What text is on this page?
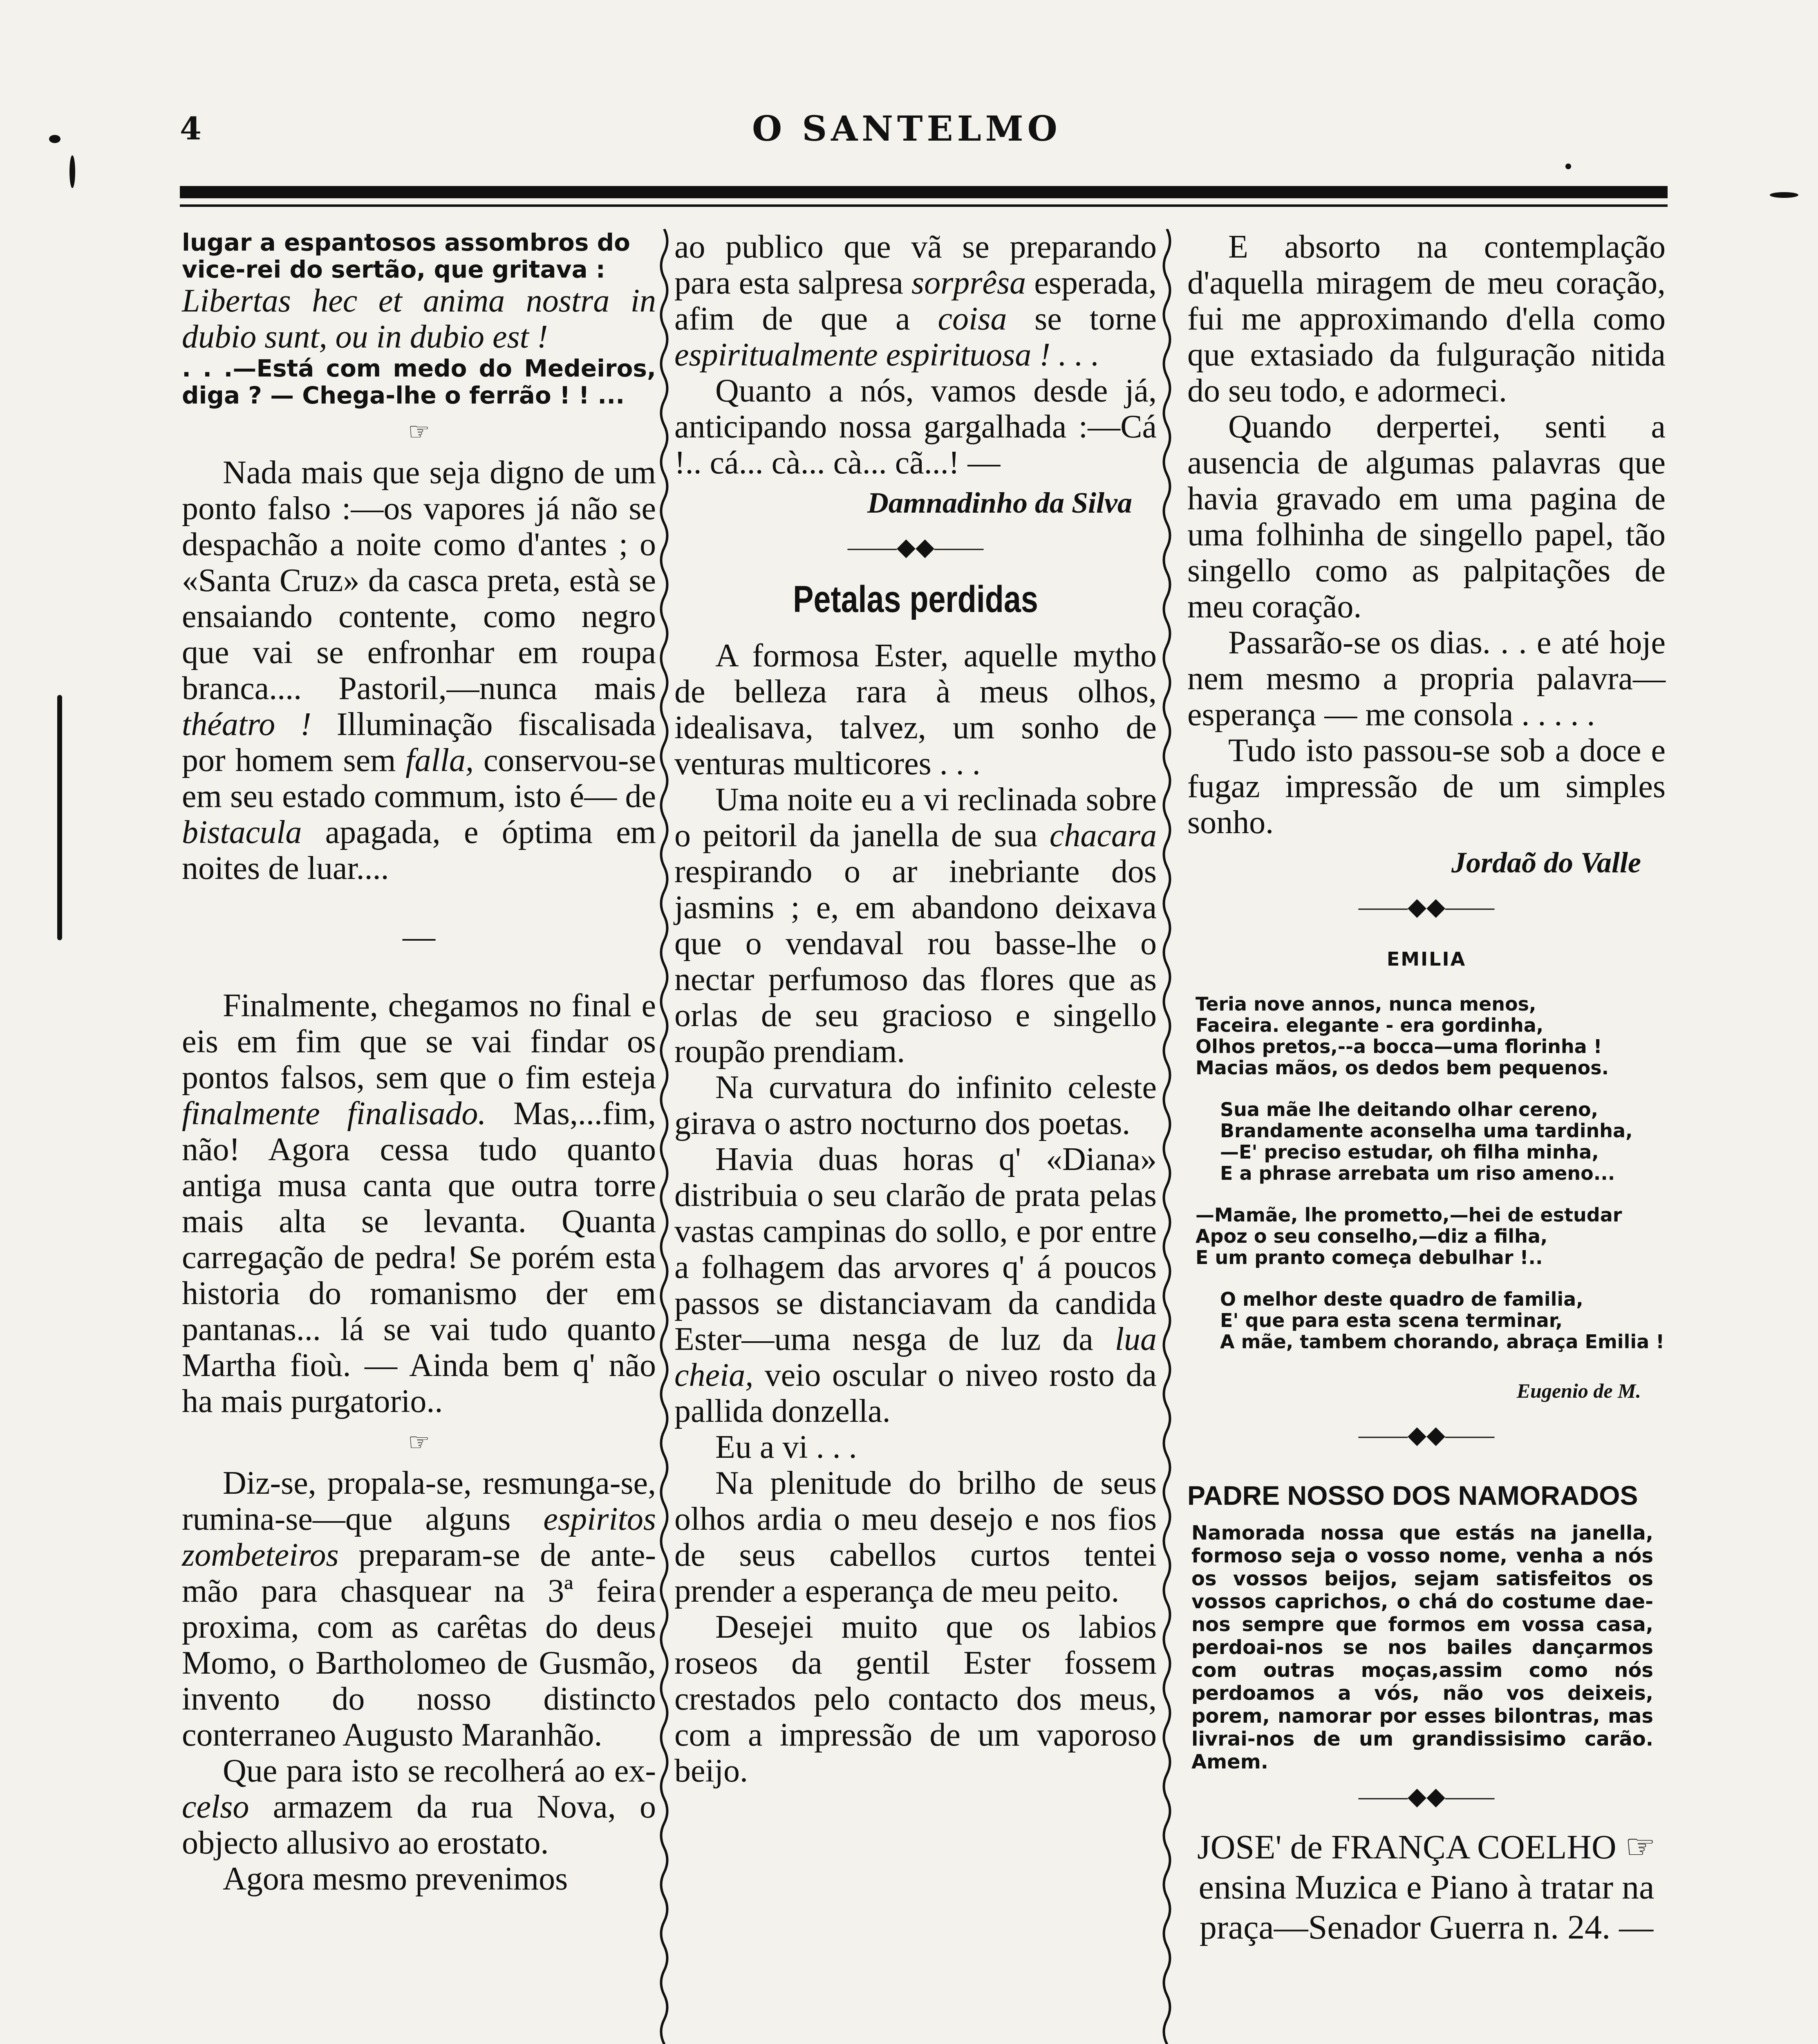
4	O SANTELMO

lugar a espantosos assombros do

vice-rei do sertão, que gritava :

Libertas hec et anima nostra in dubio sunt, ou in dubio est !

. . .—Está com medo do Medeiros, diga ? — Chega-lhe o ferrão ! ! ...

☞

Nada mais que seja digno de um ponto falso :—os vapores já não se despachão a noite como d'antes ; o «Santa Cruz» da casca preta, està se ensaiando contente, como negro que vai se enfronhar em roupa branca.... Pastoril,—nunca mais théatro ! Illuminação fiscalisada por homem sem falla, conservou-se em seu estado commum, isto é— de bistacula apagada, e óptima em noites de luar....

—

Finalmente, chegamos no final e eis em fim que se vai findar os pontos falsos, sem que o fim esteja finalmente finalisado. Mas,...fim, não! Agora cessa tudo quanto antiga musa canta que outra torre mais alta se levanta. Quanta carregação de pedra! Se porém esta historia do romanismo der em pantanas... lá se vai tudo quanto Martha fioù. — Ainda bem q' não ha mais purgatorio..

☞

Diz-se, propala-se, resmunga-se, rumina-se—que alguns espiritos zombeteiros preparam-se de ante-mão para chasquear na 3ª feira proxima, com as carêtas do deus Momo, o Bartholomeo de Gusmão, invento do nosso distincto conterraneo Augusto Maranhão.

Que para isto se recolherá ao ex-celso armazem da rua Nova, o objecto allusivo ao erostato.

Agora mesmo prevenimos

ao publico que vã se preparando para esta salpresa sorprêsa esperada, afim de que a coisa se torne espiritualmente espirituosa ! . . .

Quanto a nós, vamos desde já, anticipando nossa gargalhada :—Cá !.. cá... cà... cà... cã...! —

Damnadinho da Silva

——◆◆——

Petalas perdidas

A formosa Ester, aquelle mytho de belleza rara à meus olhos, idealisava, talvez, um sonho de venturas multicores . . .

Uma noite eu a vi reclinada sobre o peitoril da janella de sua chacara respirando o ar inebriante dos jasmins ; e, em abandono deixava que o vendaval rou basse-lhe o nectar perfumoso das flores que as orlas de seu gracioso e singello roupão prendiam.

Na curvatura do infinito celeste girava o astro nocturno dos poetas.

Havia duas horas q' «Diana» distribuia o seu clarão de prata pelas vastas campinas do sollo, e por entre a folhagem das arvores q' á poucos passos se distanciavam da candida Ester—uma nesga de luz da lua cheia, veio oscular o niveo rosto da pallida donzella.

Eu a vi . . .

Na plenitude do brilho de seus olhos ardia o meu desejo e nos fios de seus cabellos curtos tentei prender a esperança de meu peito.

Desejei muito que os labios roseos da gentil Ester fossem crestados pelo contacto dos meus, com a impressão de um vaporoso beijo.

E absorto na contemplação d'aquella miragem de meu coração, fui me approximando d'ella como que extasiado da fulguração nitida do seu todo, e adormeci.

Quando derpertei, senti a ausencia de algumas palavras que havia gravado em uma pagina de uma folhinha de singello papel, tão singello como as palpitações de meu coração.

Passarão-se os dias. . . e até hoje nem mesmo a propria palavra— esperança — me consola . . . . .

Tudo isto passou-se sob a doce e fugaz impressão de um simples sonho.

Jordaõ do Valle

——◆◆——

EMILIA

Teria nove annos, nunca menos,
Faceira. elegante - era gordinha,
Olhos pretos,--a bocca—uma florinha !
Macias mãos, os dedos bem pequenos.
Sua mãe lhe deitando olhar cereno,
Brandamente aconselha uma tardinha,
—E' preciso estudar, oh filha minha,
E a phrase arrebata um riso ameno...
—Mamãe, lhe prometto,—hei de estudar
Apoz o seu conselho,—diz a filha,
E um pranto começa debulhar !..
O melhor deste quadro de familia,
E' que para esta scena terminar,
A mãe, tambem chorando, abraça Emilia !

Eugenio de M.

——◆◆——

PADRE NOSSO DOS NAMORADOS

Namorada nossa que estás na janella, formoso seja o vosso nome, venha a nós os vossos beijos, sejam satisfeitos os vossos caprichos, o chá do costume dae-nos sempre que formos em vossa casa, perdoai-nos se nos bailes dançarmos com outras moças,assim como nós perdoamos a vós, não vos deixeis, porem, namorar por esses bilontras, mas livrai-nos de um grandissisimo carão. Amem.

——◆◆——

JOSE' de FRANÇA COELHO ☞ ensina Muzica e Piano à tratar na praça—Senador Guerra n. 24. —
